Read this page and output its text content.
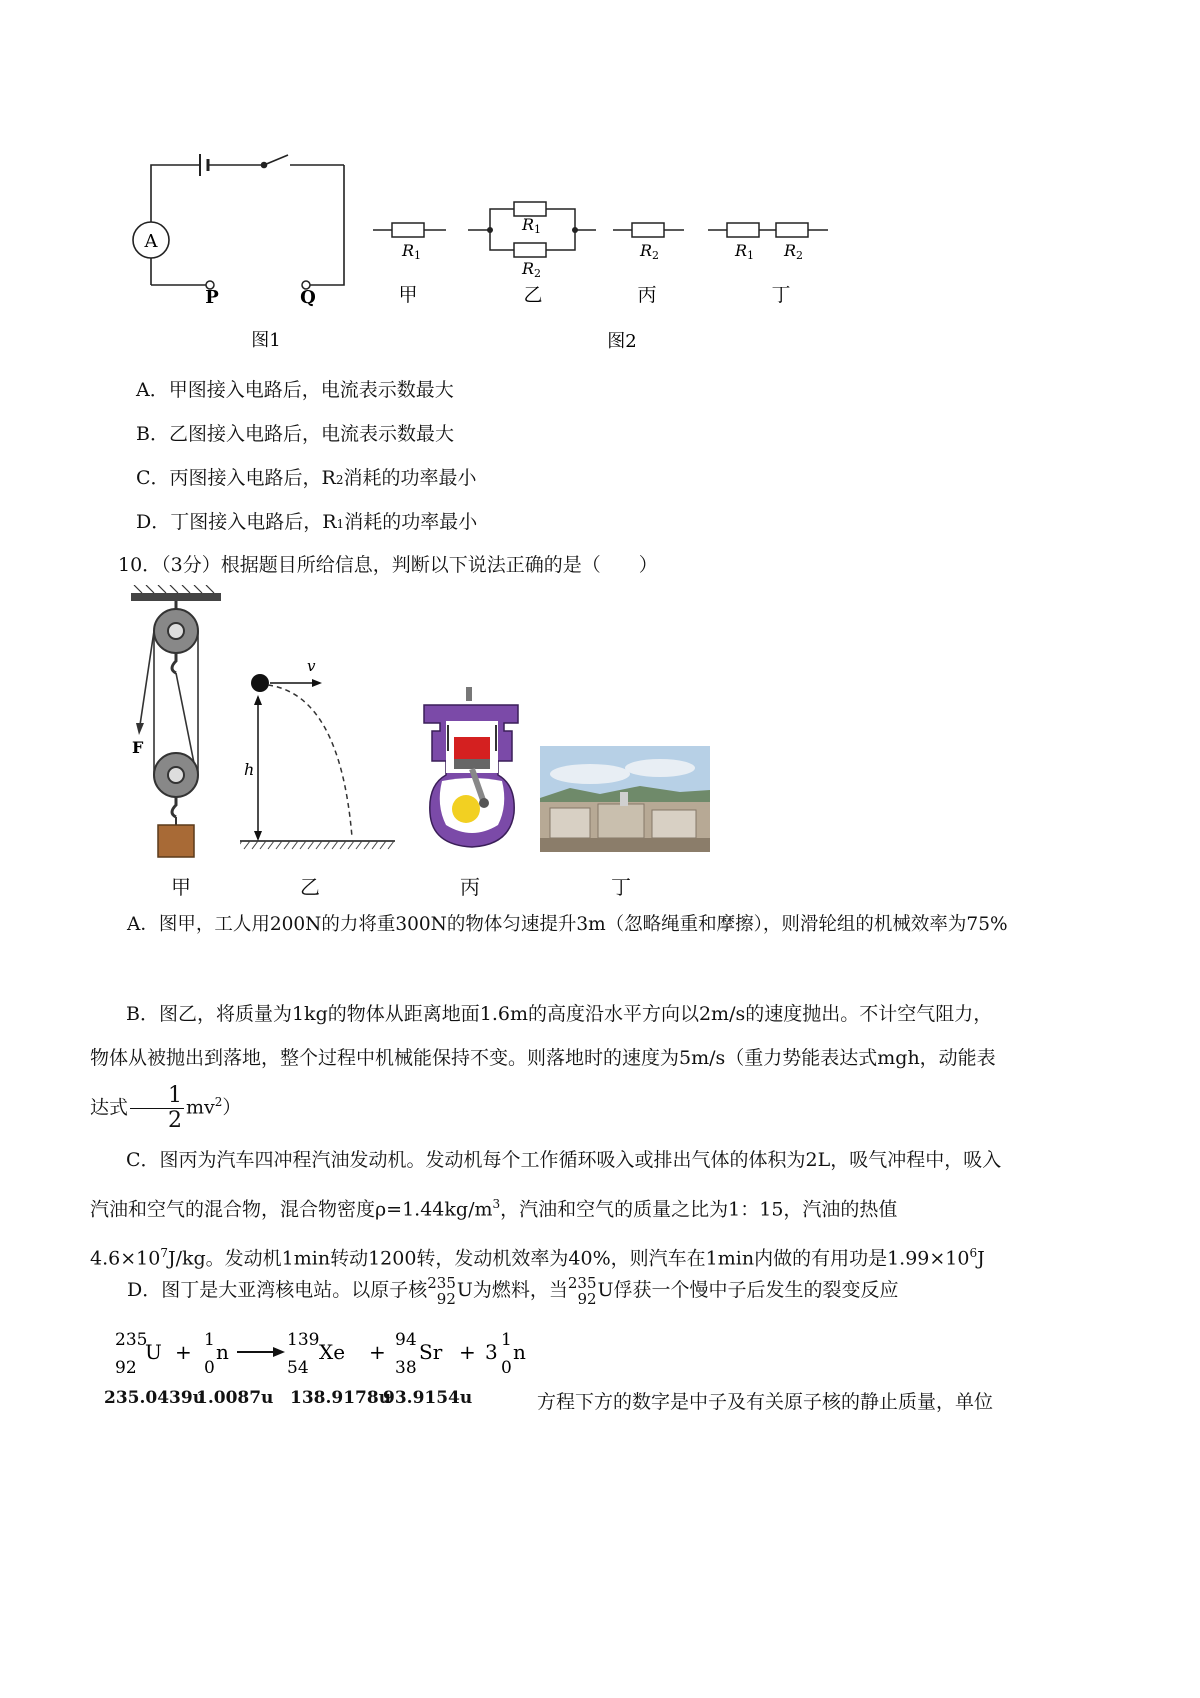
A
P	Q
图1
R1
R1
R2
R2	R1 R2
甲	乙	丙	丁
图2
A．甲图接入电路后，电流表示数最大
B．乙图接入电路后，电流表示数最大
C．丙图接入电路后，R2消耗的功率最小
D．丁图接入电路后，R1消耗的功率最小
10．（3分）根据题目所给信息，判断以下说法正确的是（　　）
F
v
h
甲	乙	丙	丁
A．图甲，工人用200N的力将重300N的物体匀速提升3m（忽略绳重和摩擦），则滑轮组的机械效率为75%
B．图乙，将质量为1kg的物体从距离地面1.6m的高度沿水平方向以2m/s的速度抛出。不计空气阻力，物体从被抛出到落地，整个过程中机械能保持不变。则落地时的速度为5m/s（重力势能表达式mgh，动能表达式 $\frac{1}{2} mv^2$）
C．图丙为汽车四冲程汽油发动机。发动机每个工作循环吸入或排出气体的体积为2L，吸气冲程中，吸入汽油和空气的混合物，混合物密度$\rho=1.44kg/m^3$，汽油和空气的质量之比为1：15，汽油的热值$4.6\times 10^7J/kg$。发动机1min转动1200转，发动机效率为40%，则汽车在1min内做的有用功是$1.99\times 10^6J$
D．图丁是大亚湾核电站。以原子核 235
92 U为燃料，当 235
92 U俘获一个慢中子后发生的裂变反应
235
92
U + 1
0
n	139
54
Xe + 94
38
Sr + 3 1
0
n
235.0439u
1.0087u 138.9178u
93.9154u	方程下方的数字是中子及有关原子核的静止质量，单位
